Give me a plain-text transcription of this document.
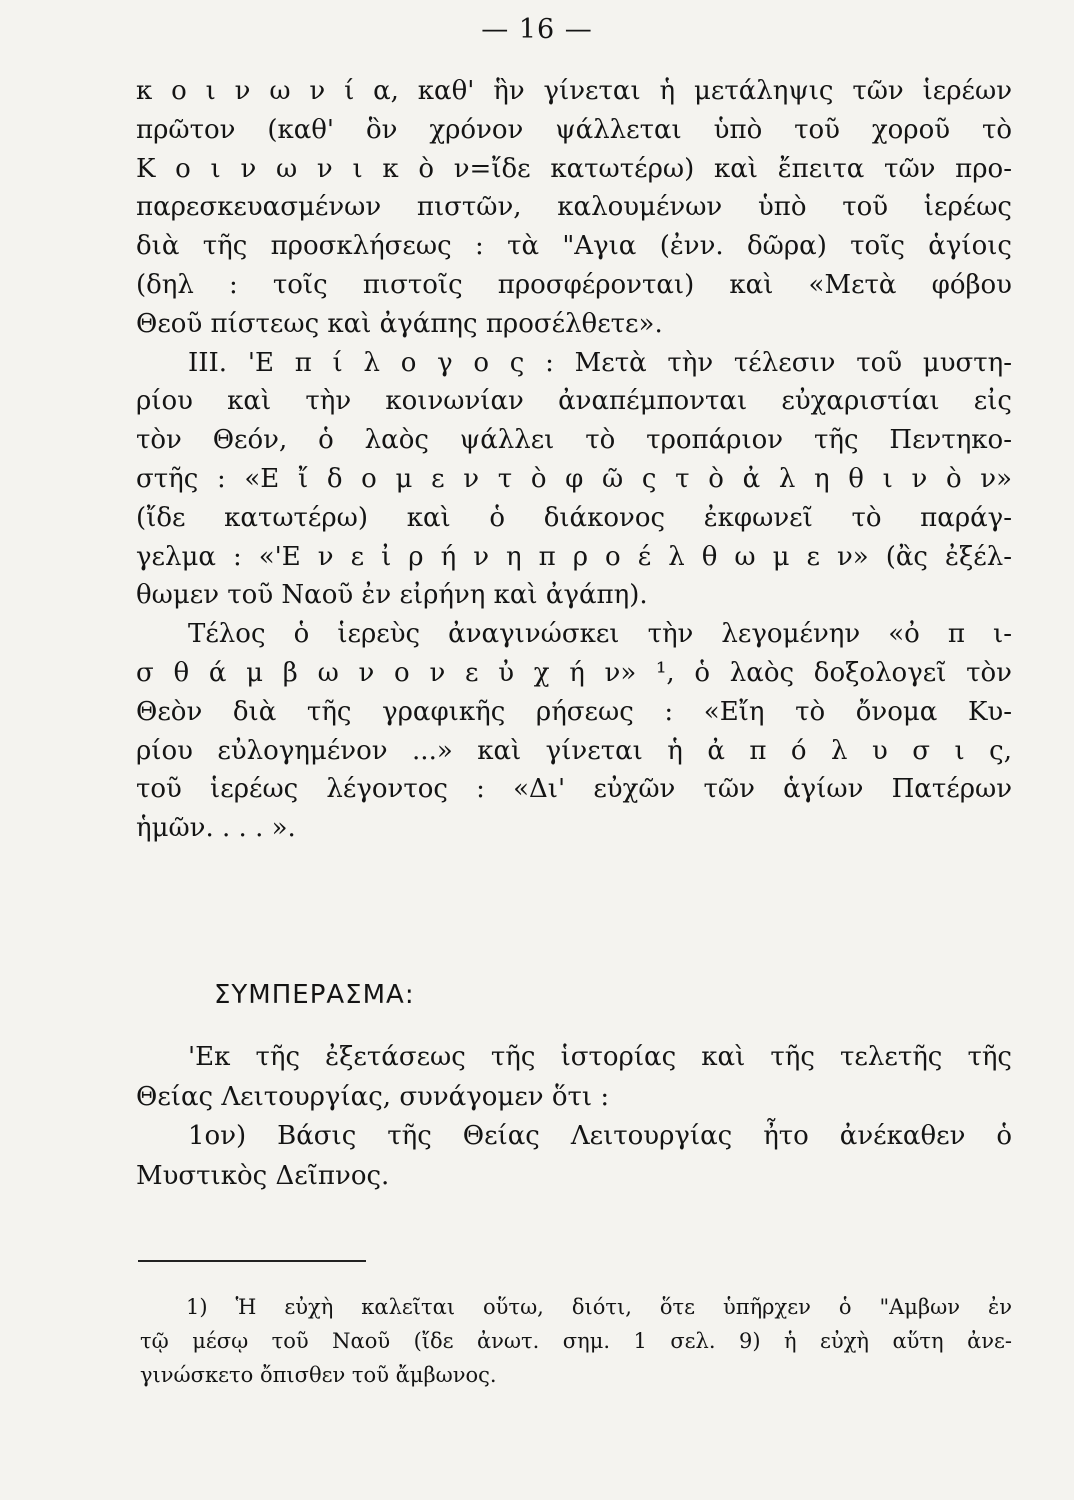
— 16 —
κ ο ι ν ω ν ί α, καθ' ἣν γίνεται ἡ μετάληψις τῶν ἱερέων
πρῶτον (καθ' ὃν χρόνον ψάλλεται ὑπὸ τοῦ χοροῦ τὸ
Κ ο ι ν ω ν ι κ ὸ ν=ἴδε κατωτέρω) καὶ ἔπειτα τῶν προ-
παρεσκευασμένων πιστῶν, καλουμένων ὑπὸ τοῦ ἱερέως
διὰ τῆς προσκλήσεως : τὰ "Αγια (ἐνν. δῶρα) τοῖς ἁγίοις
(δηλ : τοῖς πιστοῖς προσφέρονται) καὶ «Μετὰ φόβου
Θεοῦ πίστεως καὶ ἀγάπης προσέλθετε».
III. 'Ε π ί λ ο γ ο ς : Μετὰ τὴν τέλεσιν τοῦ μυστη-
ρίου καὶ τὴν κοινωνίαν ἀναπέμπονται εὐχαριστίαι εἰς
τὸν Θεόν, ὁ λαὸς ψάλλει τὸ τροπάριον τῆς Πεντηκο-
στῆς : «Ε ἴ δ ο μ ε ν τ ὸ φ ῶ ς τ ὸ ἀ λ η θ ι ν ὸ ν»
(ἴδε κατωτέρω) καὶ ὁ διάκονος ἐκφωνεῖ τὸ παράγ-
γελμα : «'Ε ν ε ἰ ρ ή ν η π ρ ο έ λ θ ω μ ε ν» (ἂς ἐξέλ-
θωμεν τοῦ Ναοῦ ἐν εἰρήνη καὶ ἀγάπη).
Τέλος ὁ ἱερεὺς ἀναγινώσκει τὴν λεγομένην «ὀ π ι-
σ θ ά μ β ω ν ο ν ε ὐ χ ή ν» ¹, ὁ λαὸς δοξολογεῖ τὸν
Θεὸν διὰ τῆς γραφικῆς ρήσεως : «Εἴη τὸ ὄνομα Κυ-
ρίου εὐλογημένον ...» καὶ γίνεται ἡ ἀ π ό λ υ σ ι ς,
τοῦ ἱερέως λέγοντος : «Δι' εὐχῶν τῶν ἁγίων Πατέρων
ἡμῶν. . . . ».
ΣΥΜΠΕΡΑΣΜΑ:
'Εκ τῆς ἐξετάσεως τῆς ἱστορίας καὶ τῆς τελετῆς τῆς
Θείας Λειτουργίας, συνάγομεν ὅτι :
1ον) Βάσις τῆς Θείας Λειτουργίας ἦτο ἀνέκαθεν ὁ
Μυστικὸς Δεῖπνος.
1) Ἡ εὐχὴ καλεῖται οὕτω, διότι, ὅτε ὑπῆρχεν ὁ "Αμβων ἐν
τῷ μέσῳ τοῦ Ναοῦ (ἴδε ἀνωτ. σημ. 1 σελ. 9) ἡ εὐχὴ αὕτη ἀνε-
γινώσκετο ὄπισθεν τοῦ ἄμβωνος.
